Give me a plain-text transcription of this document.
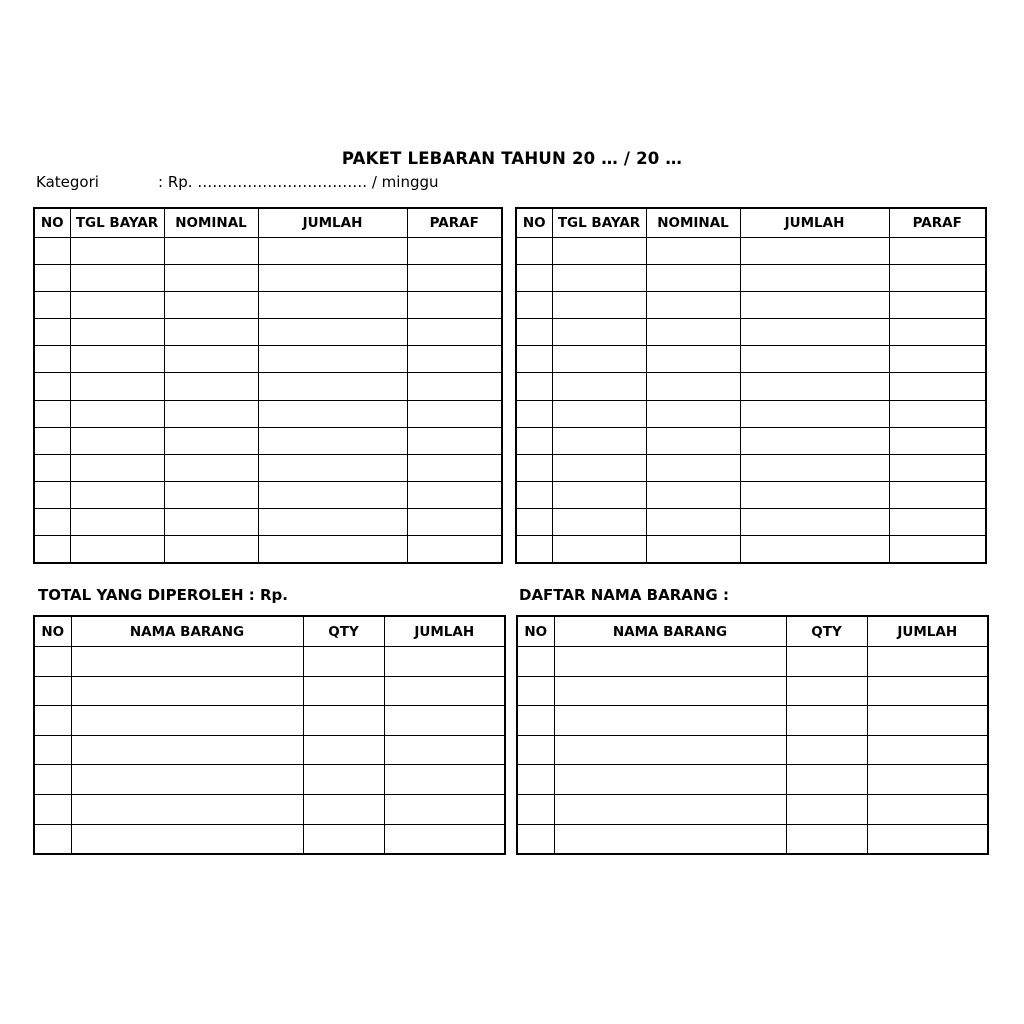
PAKET LEBARAN TAHUN 20 … / 20 …
Kategori	: Rp. ……………………………. / minggu
NO	TGL BAYAR	NOMINAL	JUMLAH	PARAF

					NO	TGL BAYAR	NOMINAL	JUMLAH	PARAF

TOTAL YANG DIPEROLEH : Rp.	DAFTAR NAMA BARANG :
NO	NAMA BARANG	QTY	JUMLAH

				NO	NAMA BARANG	QTY	JUMLAH
